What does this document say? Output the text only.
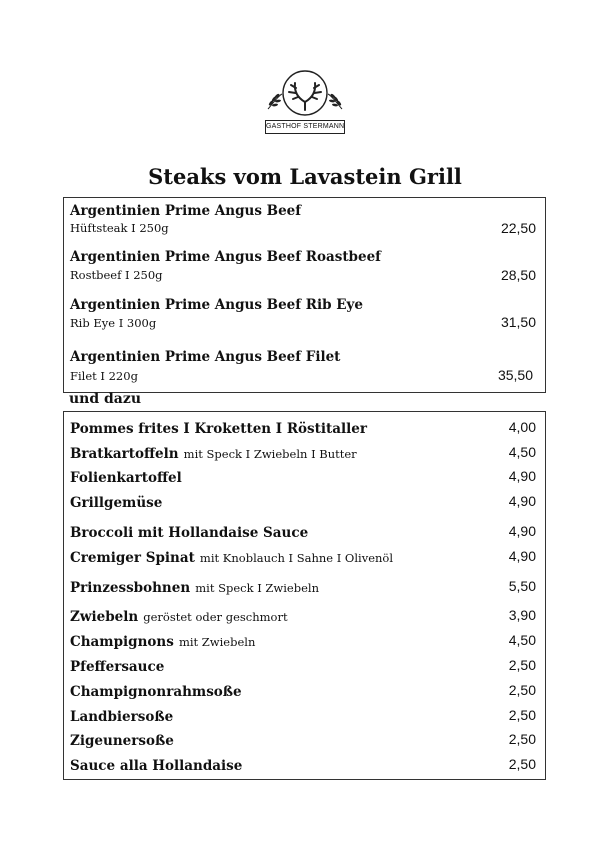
GASTHOF STERMANN
Steaks vom Lavastein Grill
Argentinien Prime Angus Beef
Hüftsteak I 250g	22,50
Argentinien Prime Angus Beef Roastbeef
Rostbeef I 250g	28,50
Argentinien Prime Angus Beef Rib Eye
Rib Eye I 300g	31,50
Argentinien Prime Angus Beef Filet
Filet I 220g	35,50
und dazu
Pommes frites I Kroketten I Röstitaller	4,00
Bratkartoffeln mit Speck I Zwiebeln I Butter	4,50
Folienkartoffel	4,90
Grillgemüse	4,90
Broccoli mit Hollandaise Sauce	4,90
Cremiger Spinat mit Knoblauch I Sahne I Olivenöl	4,90
Prinzessbohnen mit Speck I Zwiebeln	5,50
Zwiebeln geröstet oder geschmort	3,90
Champignons mit Zwiebeln	4,50
Pfeffersauce	2,50
Champignonrahmsoße	2,50
Landbiersoße	2,50
Zigeunersoße	2,50
Sauce alla Hollandaise	2,50
